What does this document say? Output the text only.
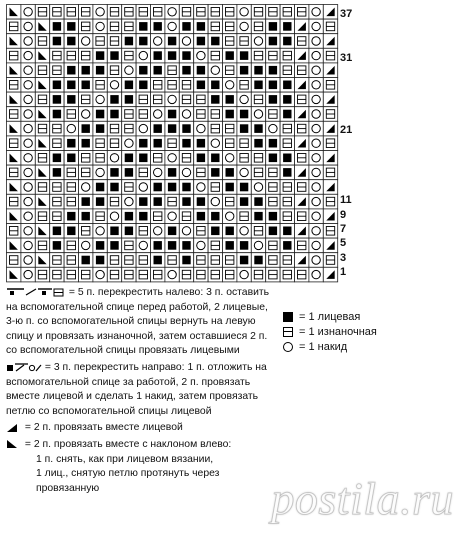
37
31
21
11
9
7
5
3
1
= 5 п. перекрестить налево: 3 п. оставить на вспомогательной спице перед работой, 2 лицевые, 3-ю п. со вспомогательной спицы вернуть на левую спицу и провязать изнаночной, затем оставшиеся 2 п. со вспомогательной спицы провязать лицевыми
= 3 п. перекрестить направо: 1 п. отложить на вспомогательной спице за работой, 2 п. провязать вместе лицевой и сделать 1 накид, затем провязать петлю со вспомогательной спицы лицевой
= 2 п. провязать вместе лицевой
= 2 п. провязать вместе с наклоном влево:
1 п. снять, как при лицевом вязании,
1 лиц., снятую петлю протянуть через
провязанную
= 1 лицевая
= 1 изнаночная
= 1 накид
postila.ru
